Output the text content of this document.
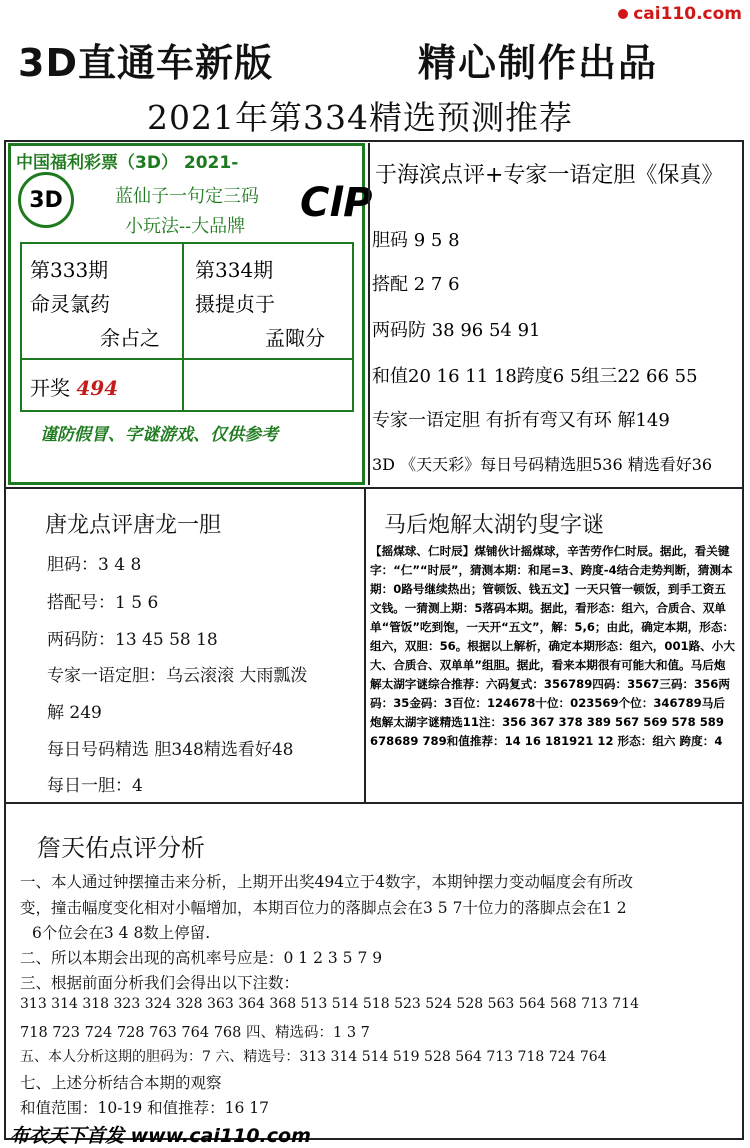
cai110.com
3D直通车新版	精心制作出品
2021年第334精选预测推荐
中国福利彩票（3D） 2021-
3D	蓝仙子一句定三码
小玩法--大品牌
ClP
第333期
命灵氯药
余占之
第334期
摄提贞于
孟陬分
开奖 494
谨防假冒、字谜游戏、仅供参考
于海滨点评+专家一语定胆《保真》
胆码 9 5 8
搭配 2 7 6
两码防 38 96 54 91
和值20 16 11 18跨度6 5组三22 66 55
专家一语定胆 有折有弯又有环 解149
3D 《天天彩》每日号码精选胆536 精选看好36
唐龙点评唐龙一胆
胆码：3 4 8
搭配号：1 5 6
两码防：13 45 58 18
专家一语定胆：乌云滚滚 大雨瓢泼
解 249
每日号码精选 胆348精选看好48
每日一胆：4
马后炮解太湖钓叟字谜
【摇煤球、仁时辰】煤铺伙计摇煤球，辛苦劳作仁时辰。据此，看关键字：“仁”“时辰”，猜测本期：和尾=3、跨度-4结合走势判断，猜测本期：0路号继续热出；管顿饭、钱五文】一天只管一顿饭，到手工资五文钱。一猜测上期：5落码本期。据此，看形态：组六，合质合、双单单“管饭”吃到饱，一天开“五文”，解：5,6；由此，确定本期，形态：组六，双胆：56。根据以上解析，确定本期形态：组六，001路、小大大、合质合、双单单”组胆。据此，看来本期很有可能大和值。马后炮解太湖字谜综合推荐：六码复式：356789四码：3567三码：356两码：35金码：3百位：124678十位：023569个位：346789马后炮解太湖字谜精选11注：356 367 378 389 567 569 578 589 678689 789和值推荐：14 16 181921 12 形态：组六 跨度：4
詹天佑点评分析
一、本人通过钟摆撞击来分析，上期开出奖494立于4数字，本期钟摆力变动幅度会有所改
变，撞击幅度变化相对小幅增加，本期百位力的落脚点会在3 5 7十位力的落脚点会在1 2
6个位会在3 4 8数上停留.
二、所以本期会出现的高机率号应是：0 1 2 3 5 7 9
三、根据前面分析我们会得出以下注数：
313 314 318 323 324 328 363 364 368 513 514 518 523 524 528 563 564 568 713 714
718 723 724 728 763 764 768 四、精选码：1 3 7
五、本人分析这期的胆码为：7 六、精选号：313 314 514 519 528 564 713 718 724 764
七、上述分析结合本期的观察
和值范围：10-19 和值推荐：16 17
布衣天下首发 www.cai110.com
